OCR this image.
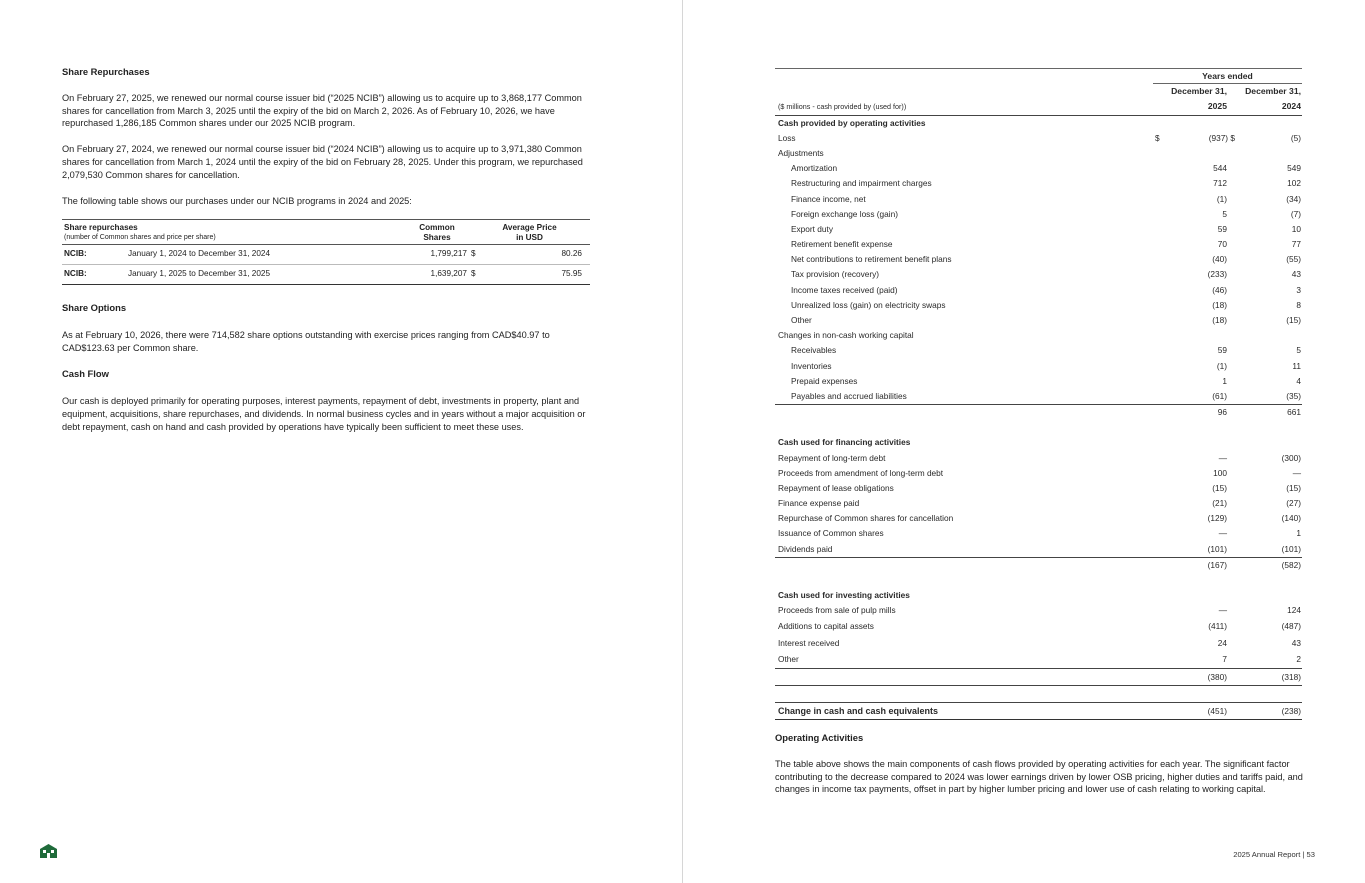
Share Repurchases

On February 27, 2025, we renewed our normal course issuer bid (“2025 NCIB”) allowing us to acquire up to 3,868,177 Common shares for cancellation from March 3, 2025 until the expiry of the bid on March 2, 2026. As of February 10, 2026, we have repurchased 1,286,185 Common shares under our 2025 NCIB program.

On February 27, 2024, we renewed our normal course issuer bid (“2024 NCIB”) allowing us to acquire up to 3,971,380 Common shares for cancellation from March 1, 2024 until the expiry of the bid on February 28, 2025. Under this program, we repurchased 2,079,530 Common shares for cancellation.

The following table shows our purchases under our NCIB programs in 2024 and 2025:

Share repurchases
(number of Common shares and price per share)		Common
Shares	Average Price
in USD	

NCIB:	January 1, 2024 to December 31, 2024	1,799,217	$	80.26
NCIB:	January 1, 2025 to December 31, 2025	1,639,207	$	75.95
Share Options

As at February 10, 2026, there were 714,582 share options outstanding with exercise prices ranging from CAD$40.97 to CAD$123.63 per Common share.

Cash Flow

Our cash is deployed primarily for operating purposes, interest payments, repayment of debt, investments in property, plant and equipment, acquisitions, share repurchases, and dividends. In normal business cycles and in years without a major acquisition or debt repayment, cash on hand and cash provided by operations have typically been sufficient to meet these uses.

Years ended
December 31, December 31,
($ millions - cash provided by (used for))	2025	2024
Cash provided by operating activities
Loss	$	(937) $	(5)
Adjustments
Amortization	544	549
Restructuring and impairment charges	712	102
Finance income, net	(1)	(34)
Foreign exchange loss (gain)	5	(7)
Export duty	59	10
Retirement benefit expense	70	77
Net contributions to retirement benefit plans	(40)	(55)
Tax provision (recovery)	(233)	43
Income taxes received (paid)	(46)	3
Unrealized loss (gain) on electricity swaps	(18)	8
Other	(18)	(15)
Changes in non-cash working capital
Receivables	59	5
Inventories	(1)	11
Prepaid expenses	1	4
Payables and accrued liabilities	(61)	(35)
96	661
Cash used for financing activities
Repayment of long-term debt	—	(300)
Proceeds from amendment of long-term debt	100	—
Repayment of lease obligations	(15)	(15)
Finance expense paid	(21)	(27)
Repurchase of Common shares for cancellation	(129)	(140)
Issuance of Common shares	—	1
Dividends paid	(101)	(101)
(167)	(582)
Cash used for investing activities
Proceeds from sale of pulp mills	—	124
Additions to capital assets	(411)	(487)
Interest received	24	43
Other	7	2
(380)	(318)
Change in cash and cash equivalents	(451)	(238)
Operating Activities

The table above shows the main components of cash flows provided by operating activities for each year. The significant factor contributing to the decrease compared to 2024 was lower earnings driven by lower OSB pricing, higher duties and tariffs paid, and changes in income tax payments, offset in part by higher lumber pricing and lower use of cash relating to working capital.

2025 Annual Report | 53
